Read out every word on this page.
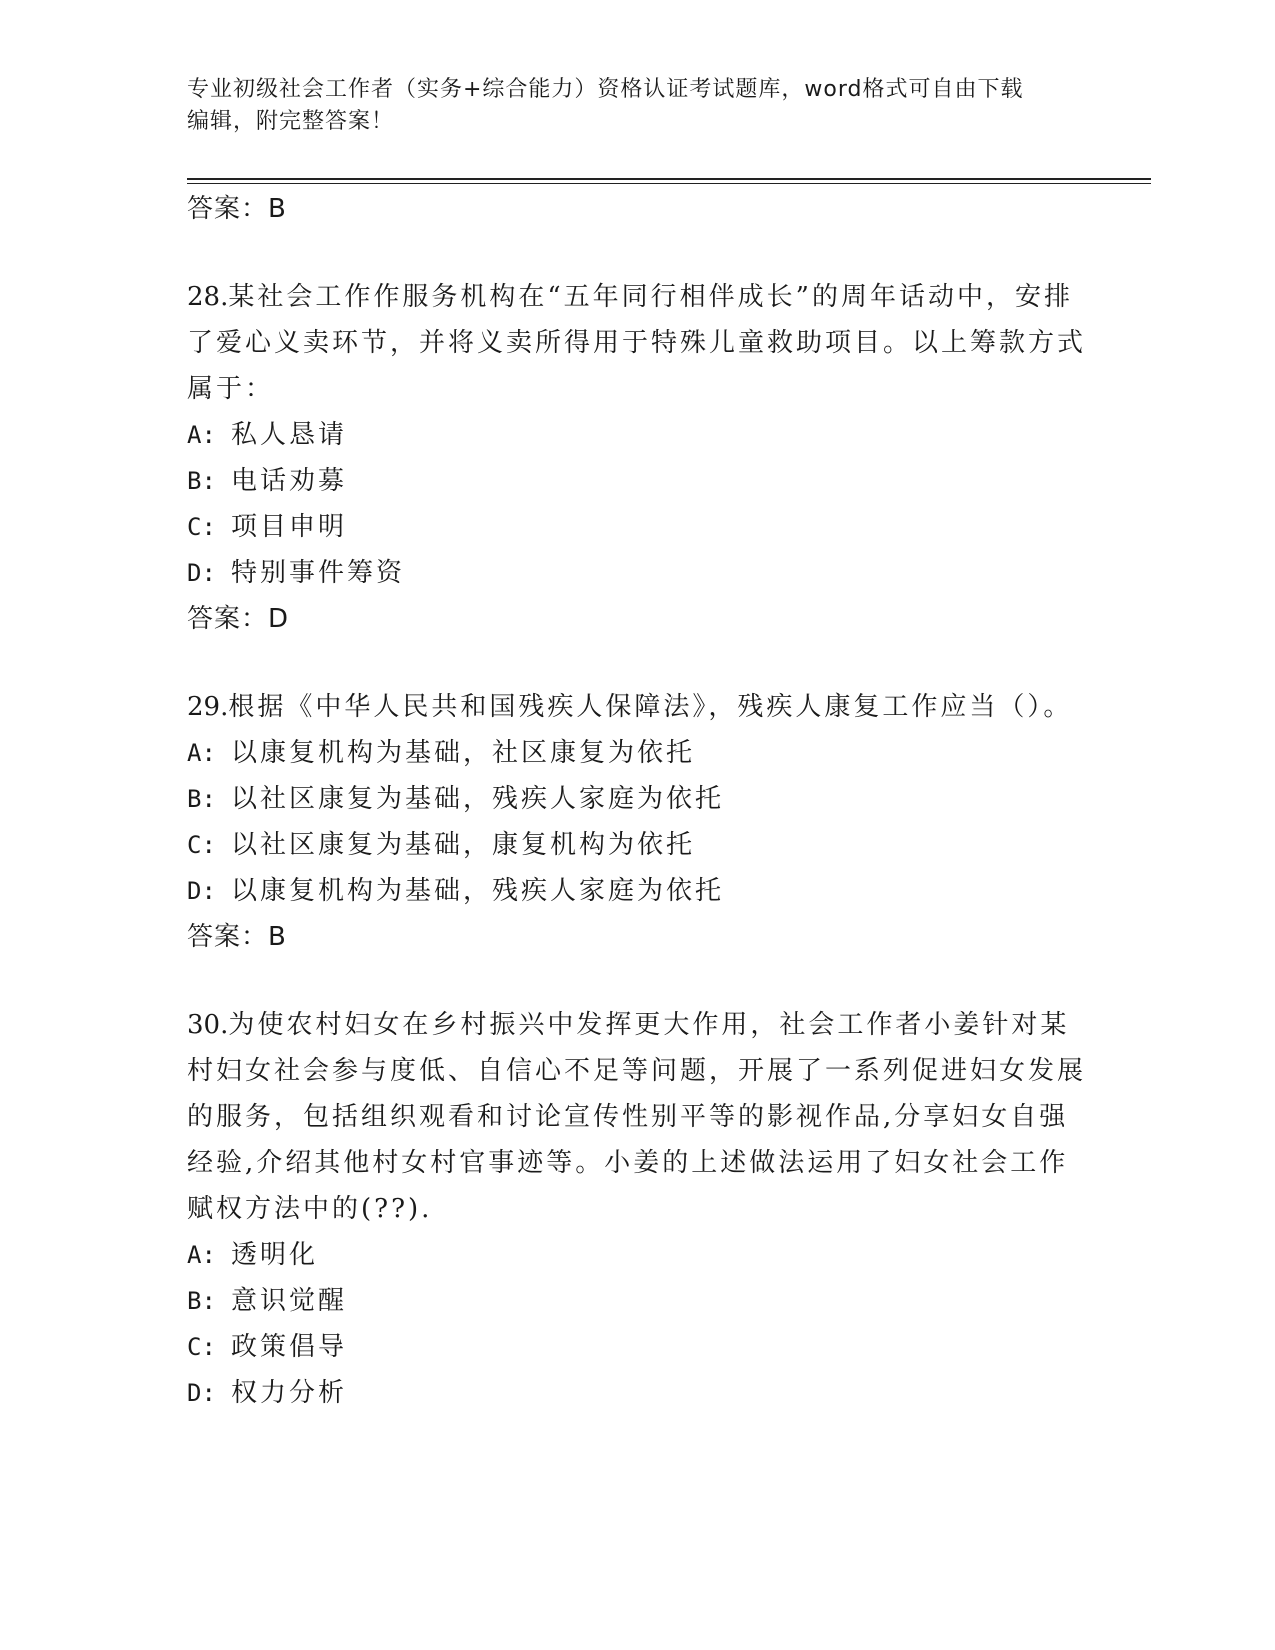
专业初级社会工作者（实务+综合能力）资格认证考试题库，word格式可自由下载
编辑，附完整答案！

答案：B

28.某社会工作作服务机构在“五年同行相伴成长”的周年话动中，安排了爱心义卖环节，并将义卖所得用于特殊儿童救助项目。以上筹款方式属于：

A: 私人恳请

B: 电话劝募

C: 项目申明

D: 特别事件筹资

答案：D

29.根据《中华人民共和国残疾人保障法》，残疾人康复工作应当（）。

A: 以康复机构为基础，社区康复为依托

B: 以社区康复为基础，残疾人家庭为依托

C: 以社区康复为基础，康复机构为依托

D: 以康复机构为基础，残疾人家庭为依托

答案：B

30.为使农村妇女在乡村振兴中发挥更大作用，社会工作者小姜针对某村妇女社会参与度低、自信心不足等问题，开展了一系列促进妇女发展的服务，包括组织观看和讨论宣传性别平等的影视作品,分享妇女自强经验,介绍其他村女村官事迹等。小姜的上述做法运用了妇女社会工作赋权方法中的(??).

A: 透明化

B: 意识觉醒

C: 政策倡导

D: 权力分析
